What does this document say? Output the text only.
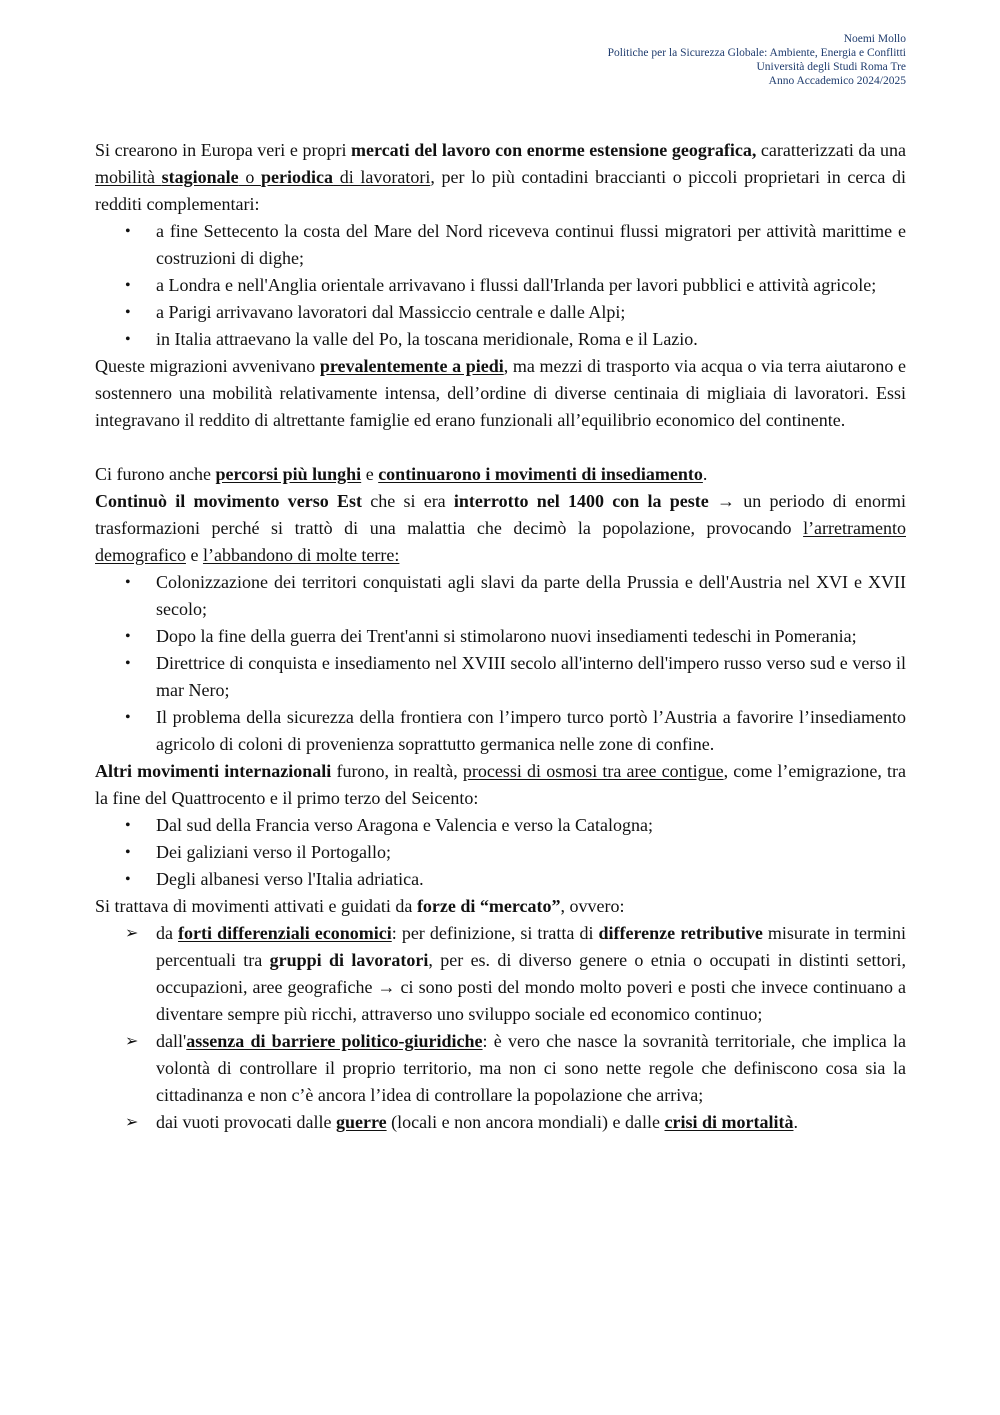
Noemi Mollo
Politiche per la Sicurezza Globale: Ambiente, Energia e Conflitti
Università degli Studi Roma Tre
Anno Accademico 2024/2025

Si crearono in Europa veri e propri mercati del lavoro con enorme estensione geografica, caratterizzati da una mobilità stagionale o periodica di lavoratori, per lo più contadini braccianti o piccoli proprietari in cerca di redditi complementari:

• a fine Settecento la costa del Mare del Nord riceveva continui flussi migratori per attività marittime e costruzioni di dighe;
• a Londra e nell'Anglia orientale arrivavano i flussi dall'Irlanda per lavori pubblici e attività agricole;
• a Parigi arrivavano lavoratori dal Massiccio centrale e dalle Alpi;
• in Italia attraevano la valle del Po, la toscana meridionale, Roma e il Lazio.

Queste migrazioni avvenivano prevalentemente a piedi, ma mezzi di trasporto via acqua o via terra aiutarono e sostennero una mobilità relativamente intensa, dell’ordine di diverse centinaia di migliaia di lavoratori. Essi integravano il reddito di altrettante famiglie ed erano funzionali all’equilibrio economico del continente.

Ci furono anche percorsi più lunghi e continuarono i movimenti di insediamento.

Continuò il movimento verso Est che si era interrotto nel 1400 con la peste → un periodo di enormi trasformazioni perché si trattò di una malattia che decimò la popolazione, provocando l’arretramento demografico e l’abbandono di molte terre:

• Colonizzazione dei territori conquistati agli slavi da parte della Prussia e dell'Austria nel XVI e XVII secolo;
• Dopo la fine della guerra dei Trent'anni si stimolarono nuovi insediamenti tedeschi in Pomerania;
• Direttrice di conquista e insediamento nel XVIII secolo all'interno dell'impero russo verso sud e verso il mar Nero;
• Il problema della sicurezza della frontiera con l’impero turco portò l’Austria a favorire l’insediamento agricolo di coloni di provenienza soprattutto germanica nelle zone di confine.

Altri movimenti internazionali furono, in realtà, processi di osmosi tra aree contigue, come l’emigrazione, tra la fine del Quattrocento e il primo terzo del Seicento:

• Dal sud della Francia verso Aragona e Valencia e verso la Catalogna;
• Dei galiziani verso il Portogallo;
• Degli albanesi verso l'Italia adriatica.

Si trattava di movimenti attivati e guidati da forze di “mercato”, ovvero:

➢ da forti differenziali economici: per definizione, si tratta di differenze retributive misurate in termini percentuali tra gruppi di lavoratori, per es. di diverso genere o etnia o occupati in distinti settori, occupazioni, aree geografiche → ci sono posti del mondo molto poveri e posti che invece continuano a diventare sempre più ricchi, attraverso uno sviluppo sociale ed economico continuo;
➢ dall'assenza di barriere politico-giuridiche: è vero che nasce la sovranità territoriale, che implica la volontà di controllare il proprio territorio, ma non ci sono nette regole che definiscono cosa sia la cittadinanza e non c’è ancora l’idea di controllare la popolazione che arriva;
➢ dai vuoti provocati dalle guerre (locali e non ancora mondiali) e dalle crisi di mortalità.
